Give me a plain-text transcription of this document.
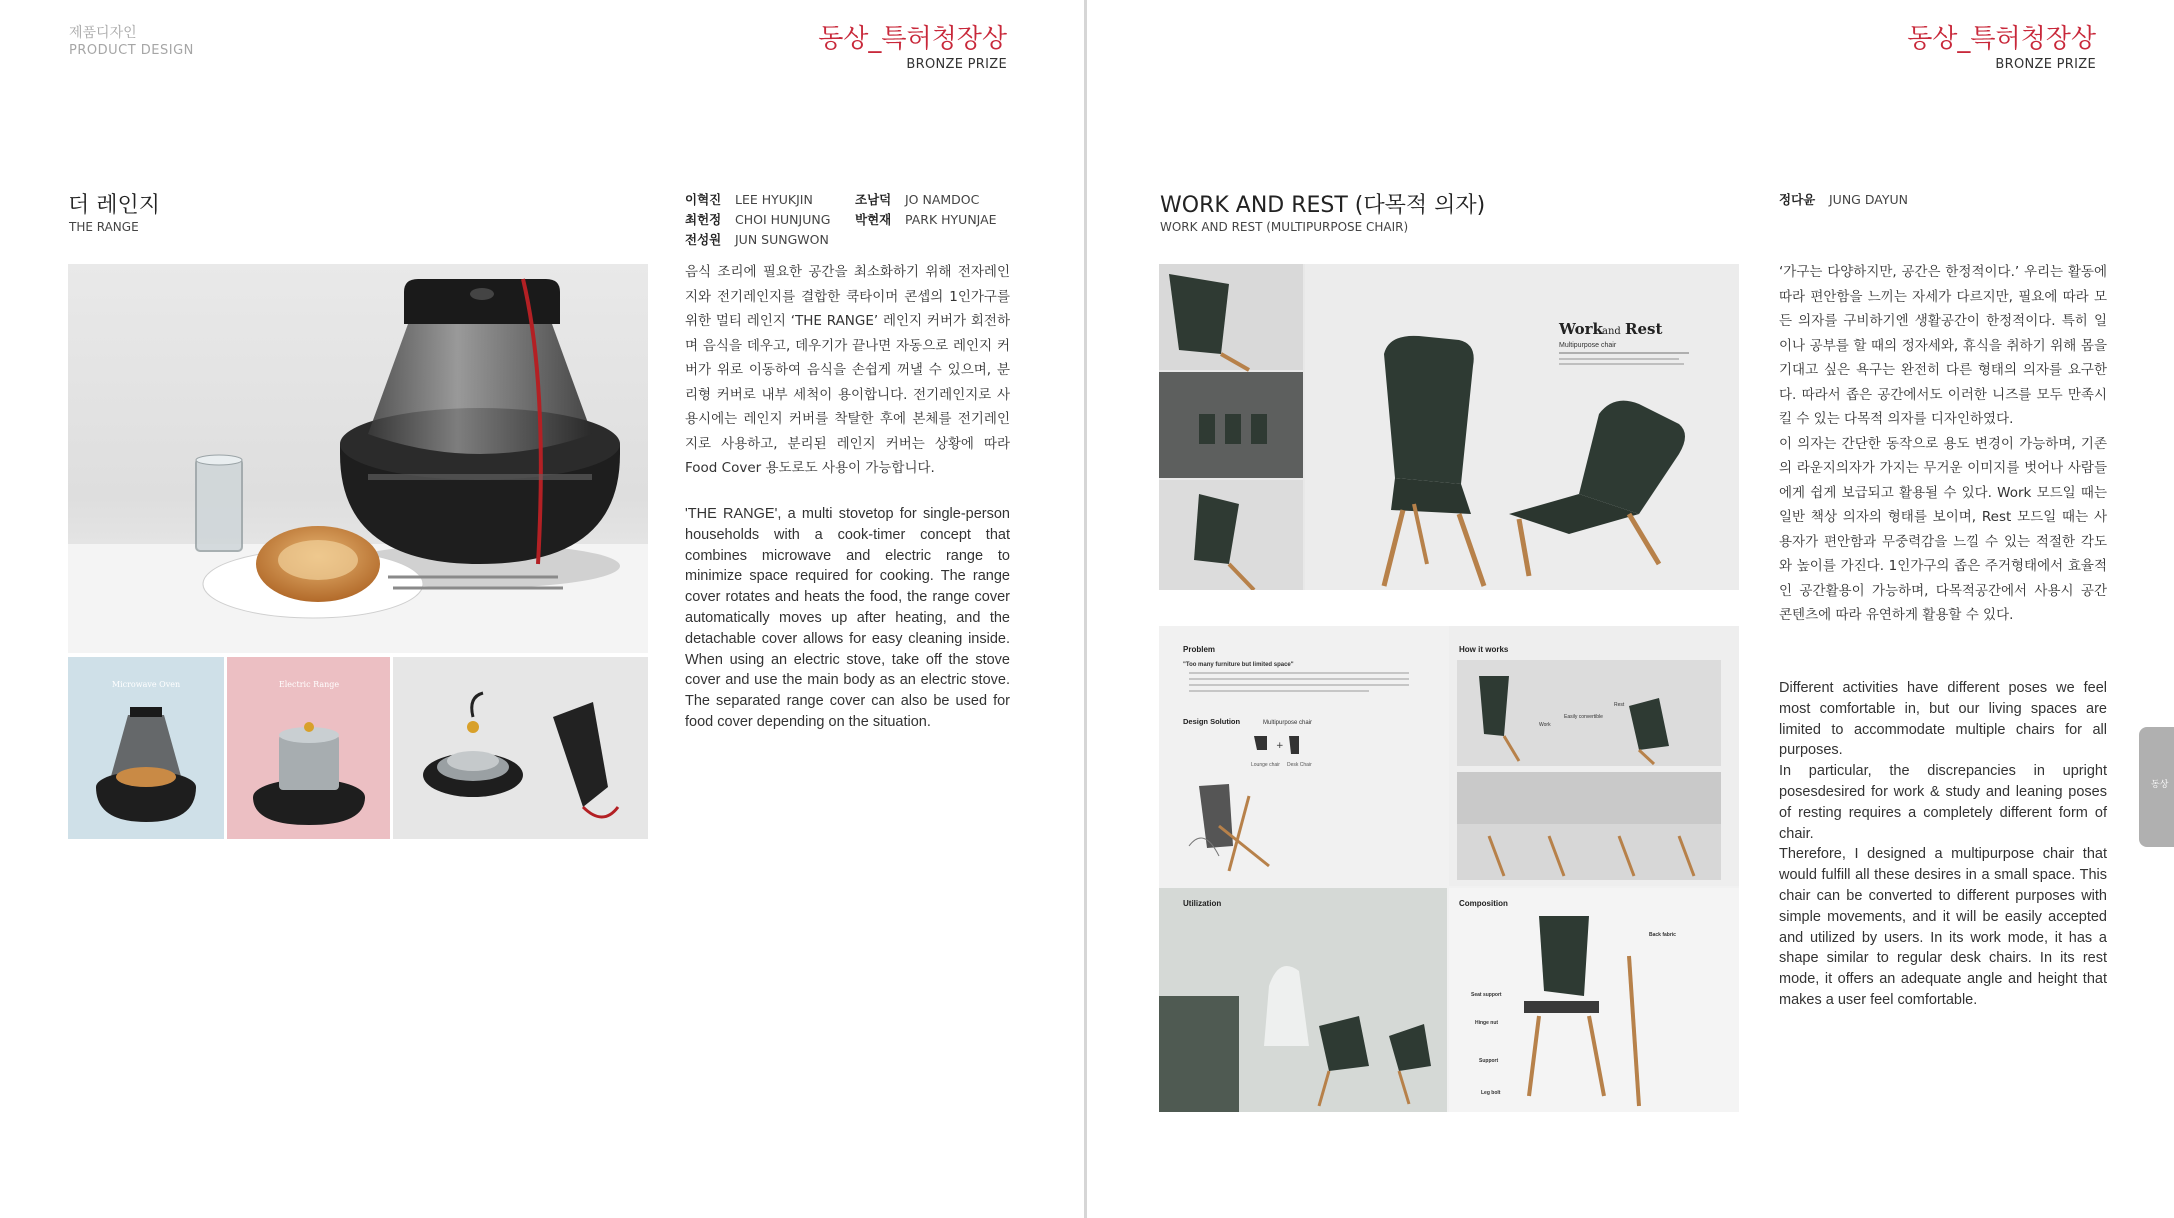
제품디자인
PRODUCT DESIGN	동상_특허청장상
BRONZE PRIZE
더 레인지
THE RANGE
이혁진 LEE HYUKJIN	조남덕 JO NAMDOC
최헌정 CHOI HUNJUNG 박현재 PARK HYUNJAE
전성원 JUN SUNGWON
Microwave Oven	Electric Range
음식 조리에 필요한 공간을 최소화하기 위해 전자레인지와 전기레인지를 결합한 쿡타이머 콘셉의 1인가구를 위한 멀티 레인지 ‘THE RANGE’ 레인지 커버가 회전하며 음식을 데우고, 데우기가 끝나면 자동으로 레인지 커버가 위로 이동하여 음식을 손쉽게 꺼낼 수 있으며, 분리형 커버로 내부 세척이 용이합니다. 전기레인지로 사용시에는 레인지 커버를 착탈한 후에 본체를 전기레인지로 사용하고, 분리된 레인지 커버는 상황에 따라 Food Cover 용도로도 사용이 가능합니다.
'THE RANGE', a multi stovetop for single-person households with a cook-timer concept that combines microwave and electric range to minimize space required for cooking. The range cover rotates and heats the food, the range cover automatically moves up after heating, and the detachable cover allows for easy cleaning inside. When using an electric stove, take off the stove cover and use the main body as an electric stove. The separated range cover can also be used for food cover depending on the situation.
동상_특허청장상
BRONZE PRIZE
WORK AND REST (다목적 의자)
WORK AND REST (MULTIPURPOSE CHAIR)
정다윤 JUNG DAYUN
Work and Rest
Multipurpose chair
Problem
"Too many furniture but limited space"
Design Solution	Multipurpose chair
+
Lounge chair Desk Chair
How it works
Rest
Easily convertible
Work
Utilization	Composition
Back fabric
Seat support
Hinge nut
Support
Leg bolt
‘가구는 다양하지만, 공간은 한정적이다.’ 우리는 활동에 따라 편안함을 느끼는 자세가 다르지만, 필요에 따라 모든 의자를 구비하기엔 생활공간이 한정적이다. 특히 일이나 공부를 할 때의 정자세와, 휴식을 취하기 위해 몸을 기대고 싶은 욕구는 완전히 다른 형태의 의자를 요구한다. 따라서 좁은 공간에서도 이러한 니즈를 모두 만족시킬 수 있는 다목적 의자를 디자인하였다.
이 의자는 간단한 동작으로 용도 변경이 가능하며, 기존의 라운지의자가 가지는 무거운 이미지를 벗어나 사람들에게 쉽게 보급되고 활용될 수 있다. Work 모드일 때는 일반 책상 의자의 형태를 보이며, Rest 모드일 때는 사용자가 편안함과 무중력감을 느낄 수 있는 적절한 각도와 높이를 가진다. 1인가구의 좁은 주거형태에서 효율적인 공간활용이 가능하며, 다목적공간에서 사용시 공간 콘텐츠에 따라 유연하게 활용할 수 있다.
Different activities have different poses we feel most comfortable in, but our living spaces are limited to accommodate multiple chairs for all purposes.
In particular, the discrepancies in upright posesdesired for work & study and leaning poses of resting requires a completely different form of chair.
Therefore, I designed a multipurpose chair that would fulfill all these desires in a small space. This chair can be converted to different purposes with simple movements, and it will be easily accepted and utilized by users. In its work mode, it has a shape similar to regular desk chairs. In its rest mode, it offers an adequate angle and height that makes a user feel comfortable.
동상
